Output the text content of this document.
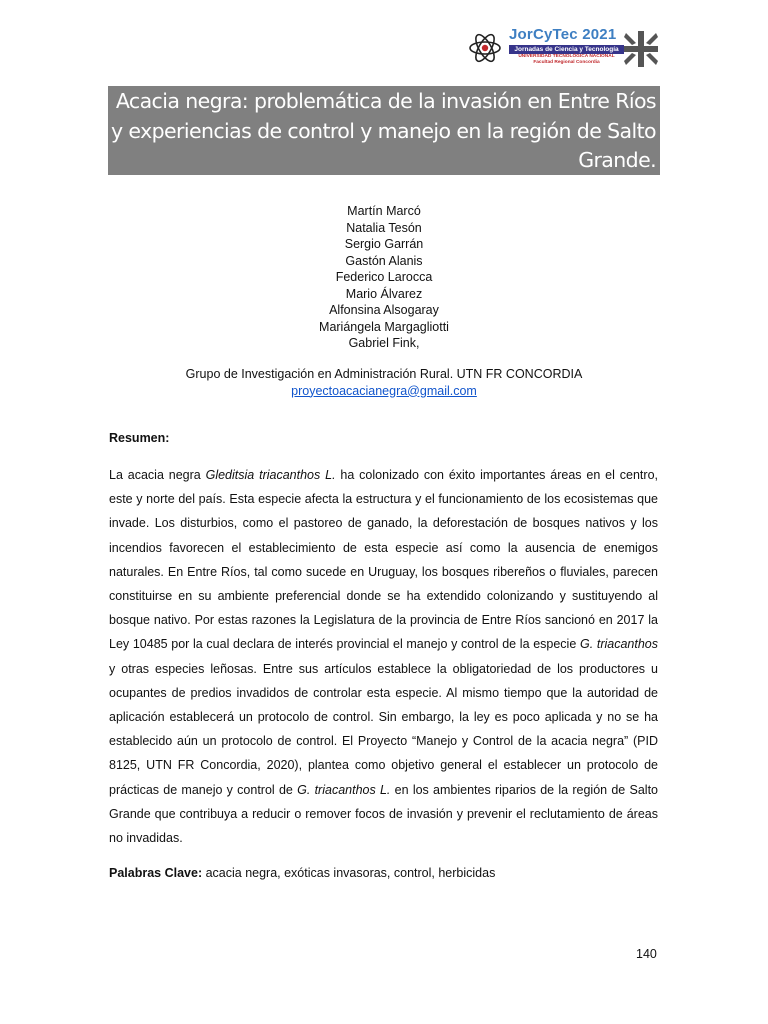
JorCyTec 2021
Jornadas de Ciencia y Tecnología
UNIVERSIDAD TECNOLÓGICA NACIONAL
Facultad Regional Concordia
Acacia negra: problemática de la invasión en Entre Ríos
y experiencias de control y manejo en la región de Salto
Grande.
Martín Marcó
Natalia Tesón
Sergio Garrán
Gastón Alanis
Federico Larocca
Mario Álvarez
Alfonsina Alsogaray
Mariángela Margagliotti
Gabriel Fink,
Grupo de Investigación en Administración Rural. UTN FR CONCORDIA
proyectoacacianegra@gmail.com
Resumen:
La acacia negra Gleditsia triacanthos L. ha colonizado con éxito importantes áreas en el centro, este y norte del país. Esta especie afecta la estructura y el funcionamiento de los ecosistemas que invade. Los disturbios, como el pastoreo de ganado, la deforestación de bosques nativos y los incendios favorecen el establecimiento de esta especie así como la ausencia de enemigos naturales. En Entre Ríos, tal como sucede en Uruguay, los bosques ribereños o fluviales, parecen constituirse en su ambiente preferencial donde se ha extendido colonizando y sustituyendo al bosque nativo. Por estas razones la Legislatura de la provincia de Entre Ríos sancionó en 2017 la Ley 10485 por la cual declara de interés provincial el manejo y control de la especie G. triacanthos y otras especies leñosas. Entre sus artículos establece la obligatoriedad de los productores u ocupantes de predios invadidos de controlar esta especie. Al mismo tiempo que la autoridad de aplicación establecerá un protocolo de control. Sin embargo, la ley es poco aplicada y no se ha establecido aún un protocolo de control. El Proyecto “Manejo y Control de la acacia negra” (PID 8125, UTN FR Concordia, 2020), plantea como objetivo general el establecer un protocolo de prácticas de manejo y control de G. triacanthos L. en los ambientes riparios de la región de Salto Grande que contribuya a reducir o remover focos de invasión y prevenir el reclutamiento de áreas no invadidas.
Palabras Clave: acacia negra, exóticas invasoras, control, herbicidas
140
